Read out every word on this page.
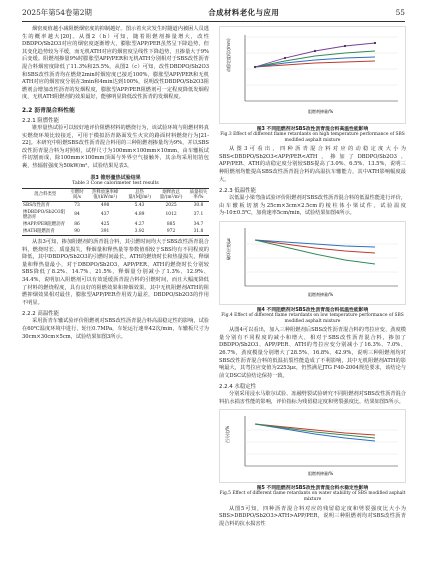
2025年第54卷第2期	合成材料老化与应用	55

烟密度值越小减阻燃烟密度的抑制越好。图示着火灾发生时隧道内被困人员逃生的概率越大[20]。从图2（b）可知，随着阻燃剂掺量增大，改性DBDPO/Sb2O3对应的烟密度逐渐增大，膨胀型APP/PER虽然呈下降趋势，但其变化趋势较为平缓，而无机ATH对应的烟密度呈线性下降趋势，且掺量大于9%后变缓。阻燃剂掺量9%时膨胀型APP/PER和无机ATH分别相对于SBS改性沥青混合料烟密度降低了11.3%和25.5%。从图2（c）可知，改性DBDPO/Sb2O3和SBS改性沥青均在燃烧2min时烟密度已接近100%，膨胀型APP/PER和无机ATH对应的烟密度分别在3min和4min达到100%，说明改性DBDPO/Sb2O3阻燃剂会增加改性沥青的发烟程度，膨胀型APP/PER阻燃剂可一定程度降低发烟程度，无机ATH阻燃剂的效果最好，能够明显降低改性沥青的发烟程度。

2.2 沥青混合料性能
2.2.1 阻燃性能

锥形量热试验可以较好地评价阻燃材料的燃烧行为，该试验环境与阻燃材料真实燃烧环境比较接近，可用于模拟沥青路面发生火灾的路面材料燃烧行为[21-22]。本研究中阻燃SBS改性沥青混合料用的三种阻燃剂掺量均为9%，并以SBS改性沥青混合料为对照组，试样尺寸为100mm×100mm×10mm，由车辙板试件切割而成，除100mm×100mm顶面与外界空气接触外，其余均采用铝箔包裹，热辐射强度为50kW/m²，试验结果见表3。

表3 锥形量热试验结果
Table 3 Cone calorimeter test results
混合料类型	引燃时间/s	热释放速率峰值/(kW/m²)	总热量/(MJ/m²)	烟释放总量/(m²/m²)	质量损失率/%
SBS改性沥青	73	498	5.43	2025	30.8
掺DBDPO/Sb2O3阻燃沥青	84	437	4.89	1012	37.1
掺APP/PER阻燃沥青	86	425	4.27	885	34.7
掺ATH阻燃沥青	90	391	3.92	972	31.8

从表3可知，掺加阻燃剂的沥青混合料，其引燃时间均大于SBS改性沥青混合料，燃烧时长、质量损失，释烟量和释热量等参数值相较于SBS均有不同程度的降低，其中DBDPO/Sb2O3的引燃时间最长，ATH的燃烧时长和热量损失，释烟量和释热量最小，对于DBDPO/Sb2O3、APP/PER、ATH的燃烧时长分别较SBS降低了8.2%、14.7%、21.5%，释烟量分别减小了1.3%、12.9%、34.4%，说明加入阻燃剂可以有效延缓沥青混合料的引燃时间，而且大幅度降低了材料的燃烧程度，具有良好的阻燃效果和抑烟效果。其中无机阻燃剂ATH的阻燃抑烟效果相对最佳，膨胀型APP/PER作用效力最差，DBDPO/Sb2O3的作用不明显。

2.2.2 高温性能

采用沥青车辙试验评价阻燃剂对SBS改性沥青混合料高温稳定性的影响，试验在60℃温度环境中进行，轮压0.7MPa，车轮运行速率42次/min，车辙板尺寸为30cm×30cm×5cm，试验结果如图3所示。

动稳定度/(次/mm)
阻燃剂掺量/%
图3 不同阻燃剂对SBS改性沥青混合料高温性能影响
Fig.3 Effect of different flame retardants on high temperature performance of SBS modified asphalt mixture

从图3可看出，四种沥青混合料对应的动稳定度大小为SBS<DBDPO/Sb2O3<APP/PER<ATH，掺加了DBDPO/Sb2O3、APP/PER、ATH的动稳定度分别较SBS提高了3.0%、6.5%、13.5%，说明三种阻燃剂均能提高SBS改性沥青混合料的高温抗车辙能力，其中ATH影响幅度最大。

2.2.3 低温性能

以低温小梁弯曲试验评价阻燃剂对SBS改性沥青混合料的低温性能进行评价，由车辙板切割为25cm×3cm×2.5cm的棱柱体小梁试件，试验温度为-10±0.5℃，加荷速率5cm/min，试验结果如图4所示。

破坏应变/με
阻燃剂掺量/%
图4 不同阻燃剂对SBS改性沥青混合料低温性能影响
Fig.4 Effect of different flame retardants on low temperature performance of SBS modified asphalt mixture

从图4可以看出，加入三种阻燃剂后SBS改性沥青混合料的弯拉应变、劲度模量分别有不同程度的减小和增大，相对于SBS改性沥青混合料，掺加了DBDPO/Sb2O3、APP/PER、ATH的弯拉应变分别减小了16.3%、7.0%、26.7%，劲度模量分别增大了28.5%、16.8%、42.9%，说明三种阻燃剂均对SBS改性沥青混合料的低温抗裂性能造成了不利影响，其中无机阻燃剂ATH的影响最大，其弯拉应变值为2253με，仍然满足JTG F40-2004规范要求，该结论与前文DSC试验结论保持一致。

2.2.4 水稳定性

分别采用浸水马歇尔试验、冻融劈裂试验研究不同阻燃剂对SBS改性沥青混合料抗水损害性能的影响，评价指标为残留稳定度和劈裂强度比，结果如图5所示。

百分比/%
阻燃剂掺量/%
图5 不同阻燃剂对SBS改性沥青混合料水稳定性影响
Fig.5 Effect of different flame retardants on water stability of SBS modified asphalt mixture

从图5可知，四种沥青混合料对应的残留稳定度和劈裂强度比大小为SBS>DBDPO/Sb2O3>ATH>APP/PER，说明三种阻燃剂均对SBS改性沥青混合料的抗水损害性
